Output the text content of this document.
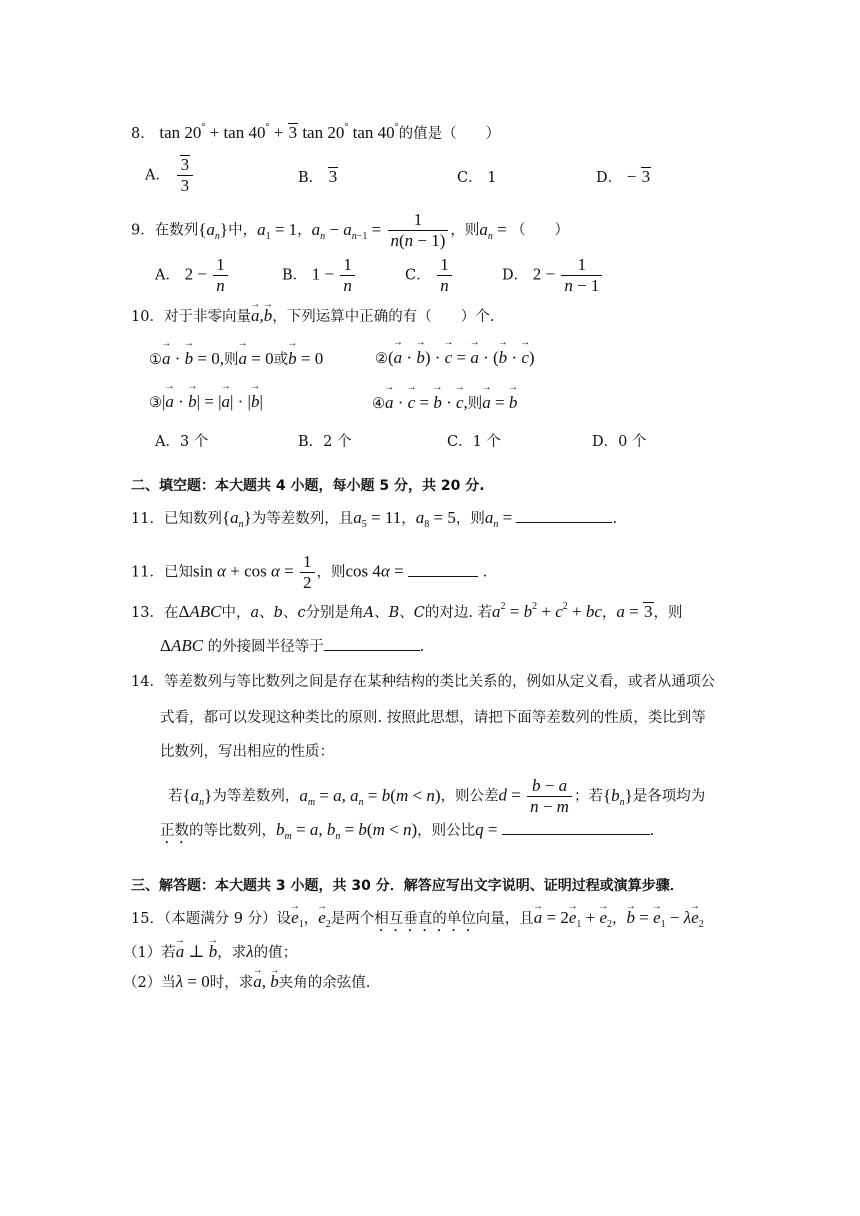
8． tan 20° + tan 40° + 3 tan 20° tan 40°的值是（　　）
A． $\frac{3}{3}$	B． 3	C． 1	D． − 3
9．在数列$\{a_n\}$中，$a_1 = 1$，$a_n - a_{n-1} = \frac{1}{n(n - 1)}$ ，则$a_n$ = （　　）
A． $2 - \frac{1}{n}$	B． $1 - \frac{1}{n}$	C． $\frac{1}{n}$	D． $2 - \frac{1}{n - 1}$
10．对于非零向量→ a,→ b，下列运算中正确的有（　　）个.
①→ a · → b = 0,则→ a = 0或→ b = 0	②(→ a · → b) · → c = → a · (→ b · → c)
③|→ a · → b| = |→ a| · |→ b|	④→ a · → c = → b · → c,则→ a = → b
A．3 个	B．2 个	C．1 个	D．0 个
二、填空题：本大题共 4 小题，每小题 5 分，共 20 分.
11．已知数列$\{a_n\}$为等差数列，且$a_5 = 11$，$a_8 = 5$，则$a_n$ =	.
11．已知$\sin \alpha + \cos \alpha = \frac{1}{2}$ ，则cos 4α =	.
13．在ΔABC中，a、b、c分别是角A、B、C的对边. 若$a^2 = b^2 + c^2$ + bc，a = 3，则
ΔABC 的外接圆半径等于	.
14．等差数列与等比数列之间是存在某种结构的类比关系的，例如从定义看，或者从通项公
式看，都可以发现这种类比的原则. 按照此思想，请把下面等差数列的性质，类比到等
比数列，写出相应的性质：
若$\{a_n\}$为等差数列，$a_m = a$, $a_n = b(m < n)$，则公差$d = \frac{b - a}{n - m}$ ；若$\{b_n\}$是各项均为
正数的等比数列，$b_m = a$, $b_n = b(m < n)$，则公比q =	.
三、解答题：本大题共 3 小题，共 30 分．解答应写出文字说明、证明过程或演算步骤．
15．（本题满分 9 分）设→ $e_1$，→ $e_2$是两个相互垂直的单位向量，且→ $a = 2\to e_1$ + → $e_2$，→ b = → $e_1 - \lambda\to e_2$
（1）若→ a ⊥ → b，求λ的值；
（2）当λ = 0时，求→ a, → b夹角的余弦值.
